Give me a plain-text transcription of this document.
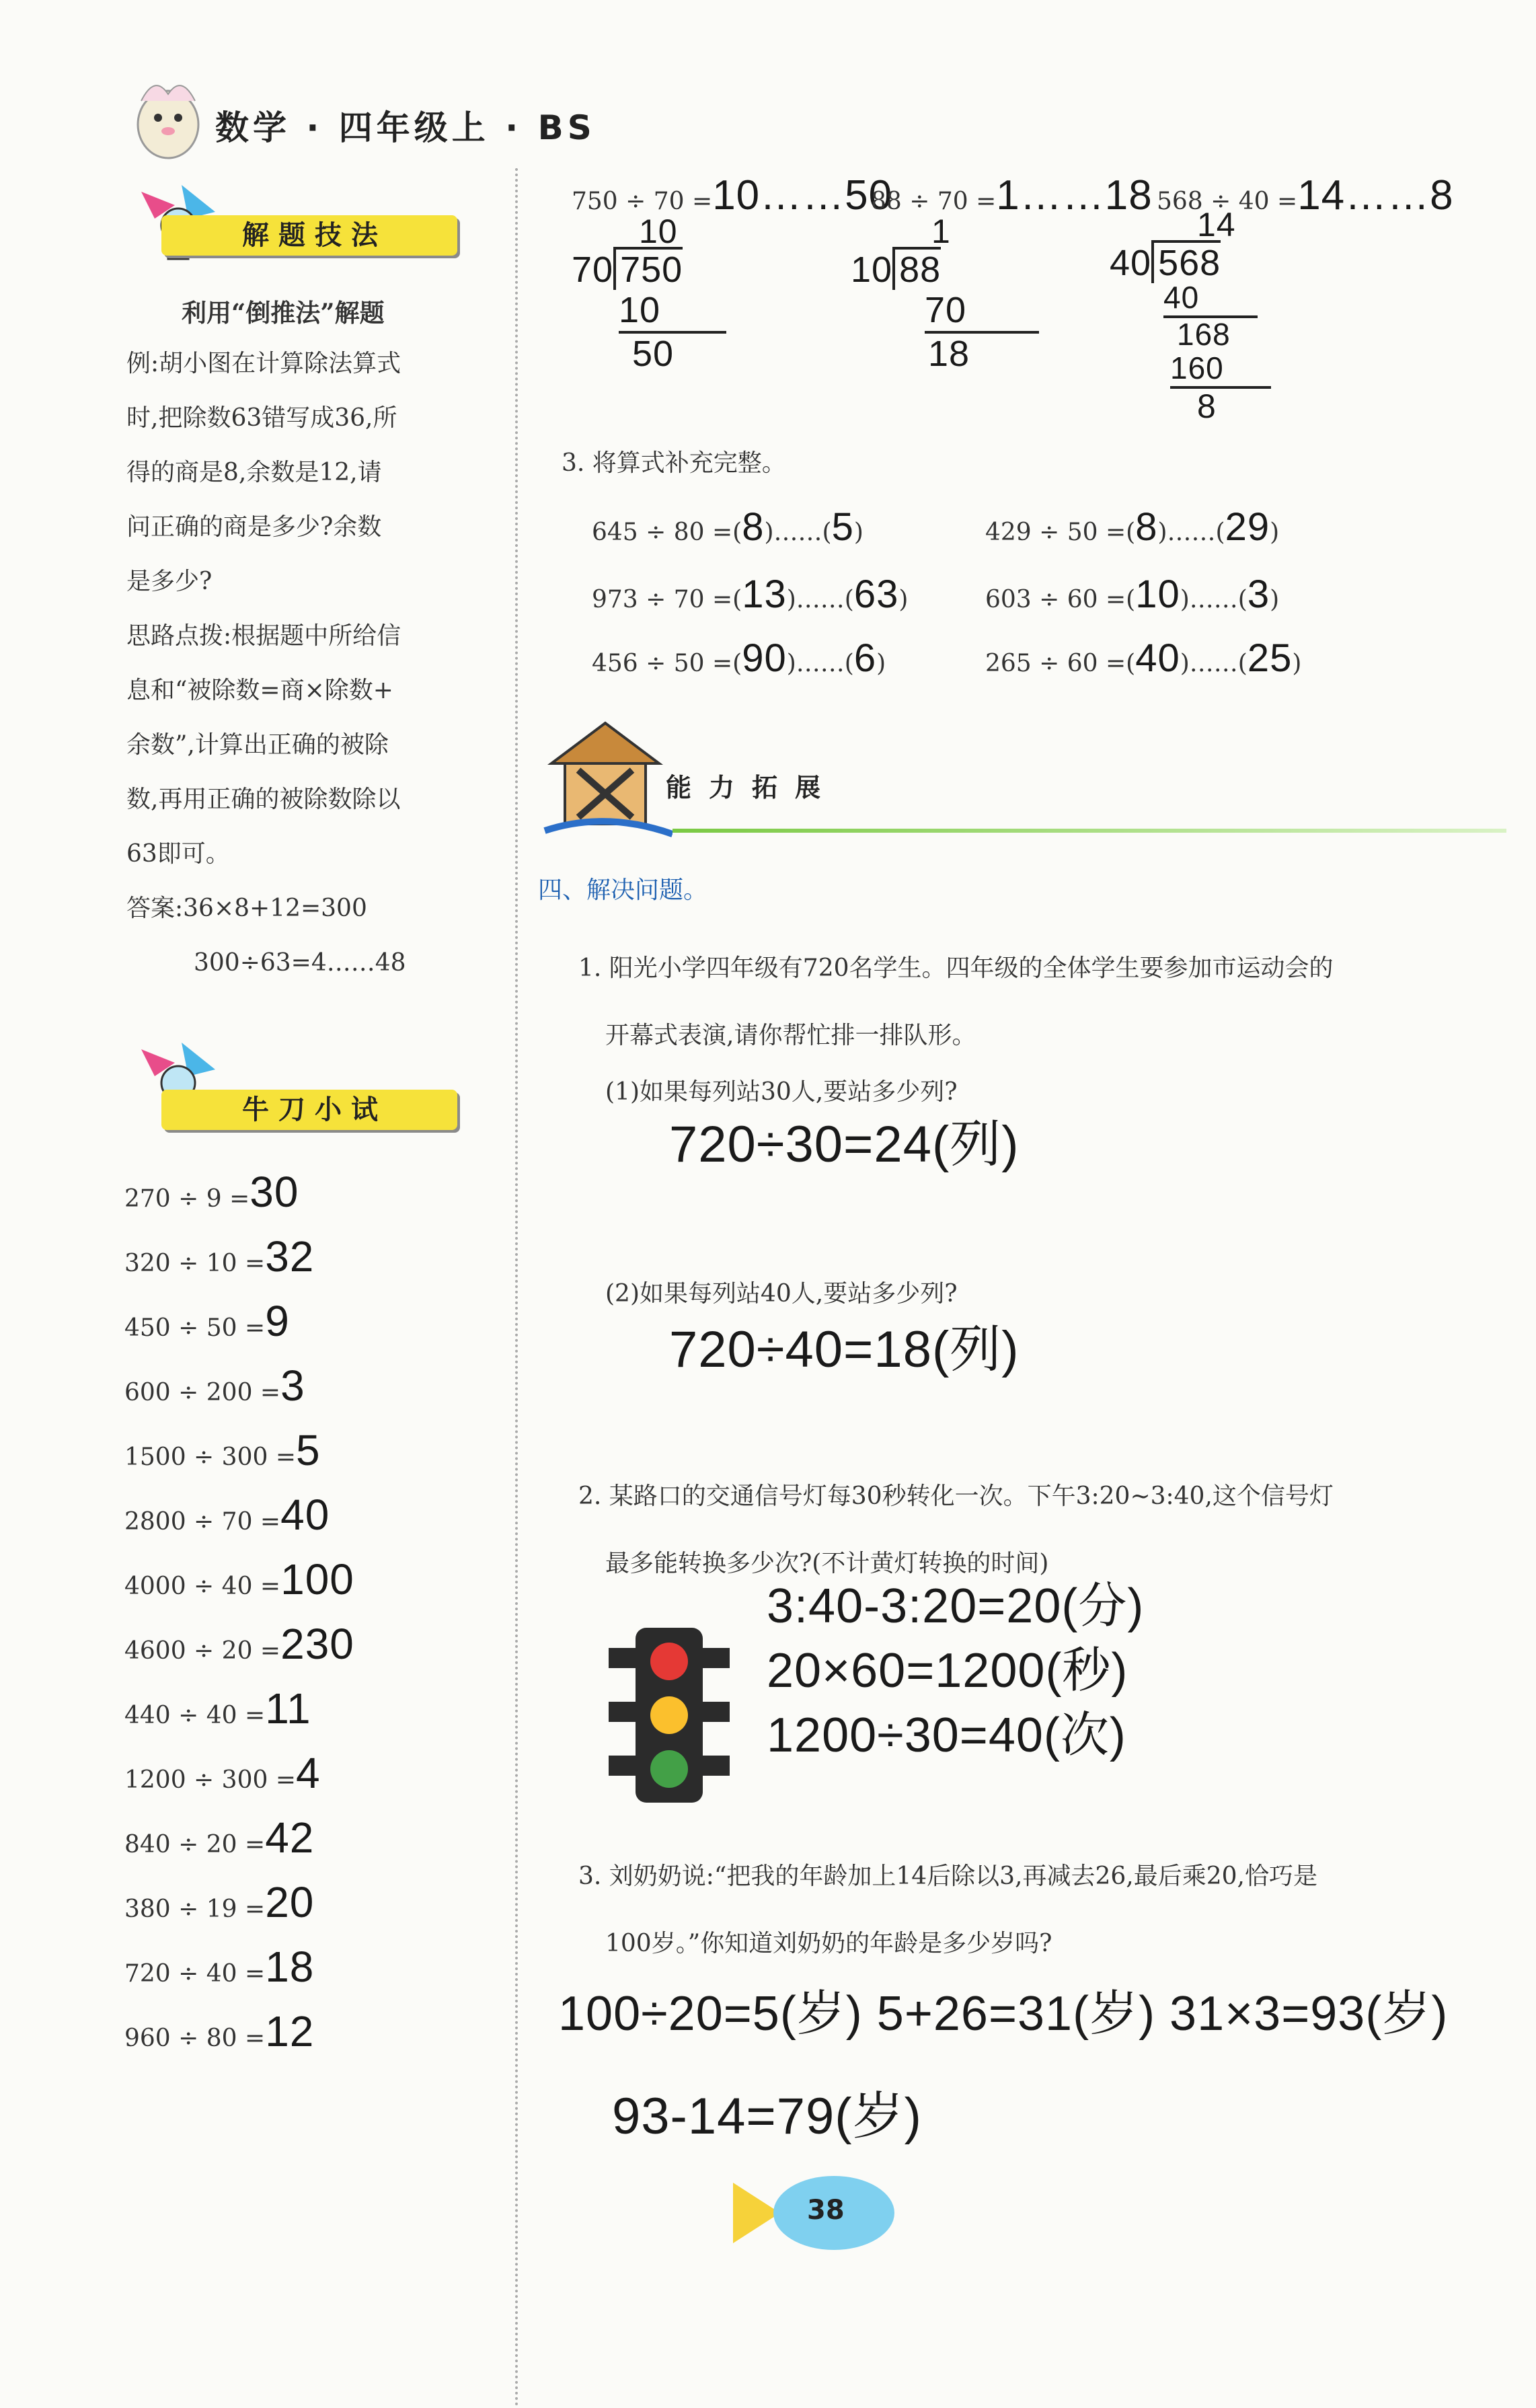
数学 · 四年级上 · BS
解题技法
利用“倒推法”解题
例:胡小图在计算除法算式
时,把除数63错写成36,所
得的商是8,余数是12,请
问正确的商是多少?余数
是多少?
思路点拨:根据题中所给信
息和“被除数=商×除数+
余数”,计算出正确的被除
数,再用正确的被除数除以
63即可。
答案:36×8+12=300
300÷63=4……48
牛刀小试
270 ÷ 9 =30
320 ÷ 10 =32
450 ÷ 50 =9
600 ÷ 200 =3
1500 ÷ 300 =5
2800 ÷ 70 =40
4000 ÷ 40 =100
4600 ÷ 20 =230
440 ÷ 40 =11
1200 ÷ 300 =4
840 ÷ 20 =42
380 ÷ 19 =20
720 ÷ 40 =18
960 ÷ 80 =12
750 ÷ 70 =10……50
10
70 750
10
50
88 ÷ 70 =1……18
1
10 88
70
18
568 ÷ 40 =14……8
14
40 568
40
168
160
8
3. 将算式补充完整。
645 ÷ 80 =(8)……(5)	429 ÷ 50 =(8)……(29)
973 ÷ 70 =(13)……(63)	603 ÷ 60 =(10)……(3)
456 ÷ 50 =(90)……(6)	265 ÷ 60 =(40)……(25)
能力拓展
四、解决问题。
1. 阳光小学四年级有720名学生。四年级的全体学生要参加市运动会的
开幕式表演,请你帮忙排一排队形。
(1)如果每列站30人,要站多少列?
720÷30=24(列)
(2)如果每列站40人,要站多少列?
720÷40=18(列)
2. 某路口的交通信号灯每30秒转化一次。下午3:20~3:40,这个信号灯
最多能转换多少次?(不计黄灯转换的时间)
3:40-3:20=20(分)
20×60=1200(秒)
1200÷30=40(次)
3. 刘奶奶说:“把我的年龄加上14后除以3,再减去26,最后乘20,恰巧是
100岁。”你知道刘奶奶的年龄是多少岁吗?
100÷20=5(岁) 5+26=31(岁) 31×3=93(岁)
93-14=79(岁)
38
